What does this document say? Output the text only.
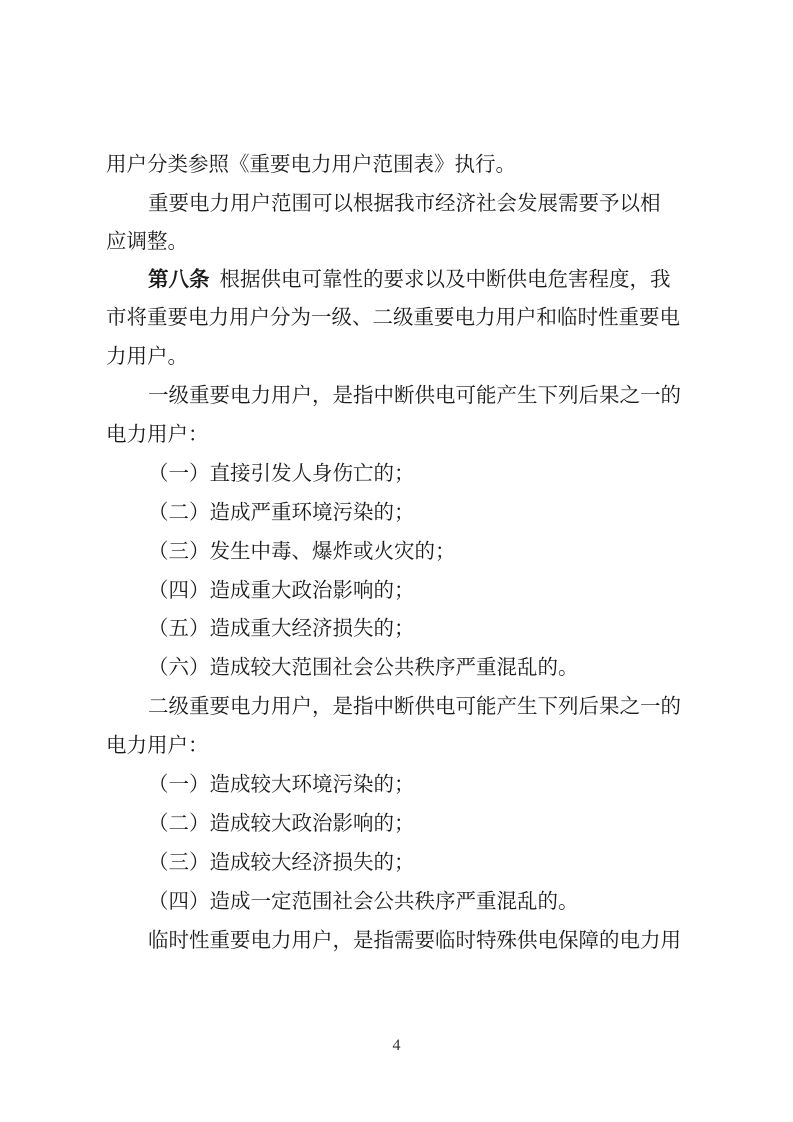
用户分类参照《重要电力用户范围表》执行。
重要电力用户范围可以根据我市经济社会发展需要予以相
应调整。
第八条 根据供电可靠性的要求以及中断供电危害程度，我
市将重要电力用户分为一级、二级重要电力用户和临时性重要电
力用户。
一级重要电力用户，是指中断供电可能产生下列后果之一的
电力用户：
（一）直接引发人身伤亡的；
（二）造成严重环境污染的；
（三）发生中毒、爆炸或火灾的；
（四）造成重大政治影响的；
（五）造成重大经济损失的；
（六）造成较大范围社会公共秩序严重混乱的。
二级重要电力用户，是指中断供电可能产生下列后果之一的
电力用户：
（一）造成较大环境污染的；
（二）造成较大政治影响的；
（三）造成较大经济损失的；
（四）造成一定范围社会公共秩序严重混乱的。
临时性重要电力用户，是指需要临时特殊供电保障的电力用
4
